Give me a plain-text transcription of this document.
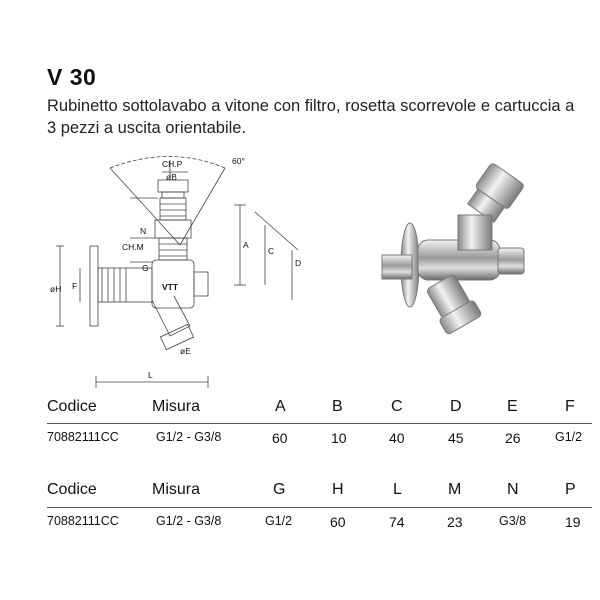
V 30
Rubinetto sottolavabo a vitone con filtro, rosetta scorrevole e cartuccia a 3 pezzi a uscita orientabile.
CH.P
øB
60°
N
CH.M
G
øH F
øE
L
A
C
D
VTT
Codice	Misura	A	B	C	D	E	F
70882111CC	G1/2 - G3/8	60	10	40	45	26	G1/2
Codice	Misura	G	H	L	M	N	P
70882111CC	G1/2 - G3/8	G1/2	60	74	23	G3/8	19
